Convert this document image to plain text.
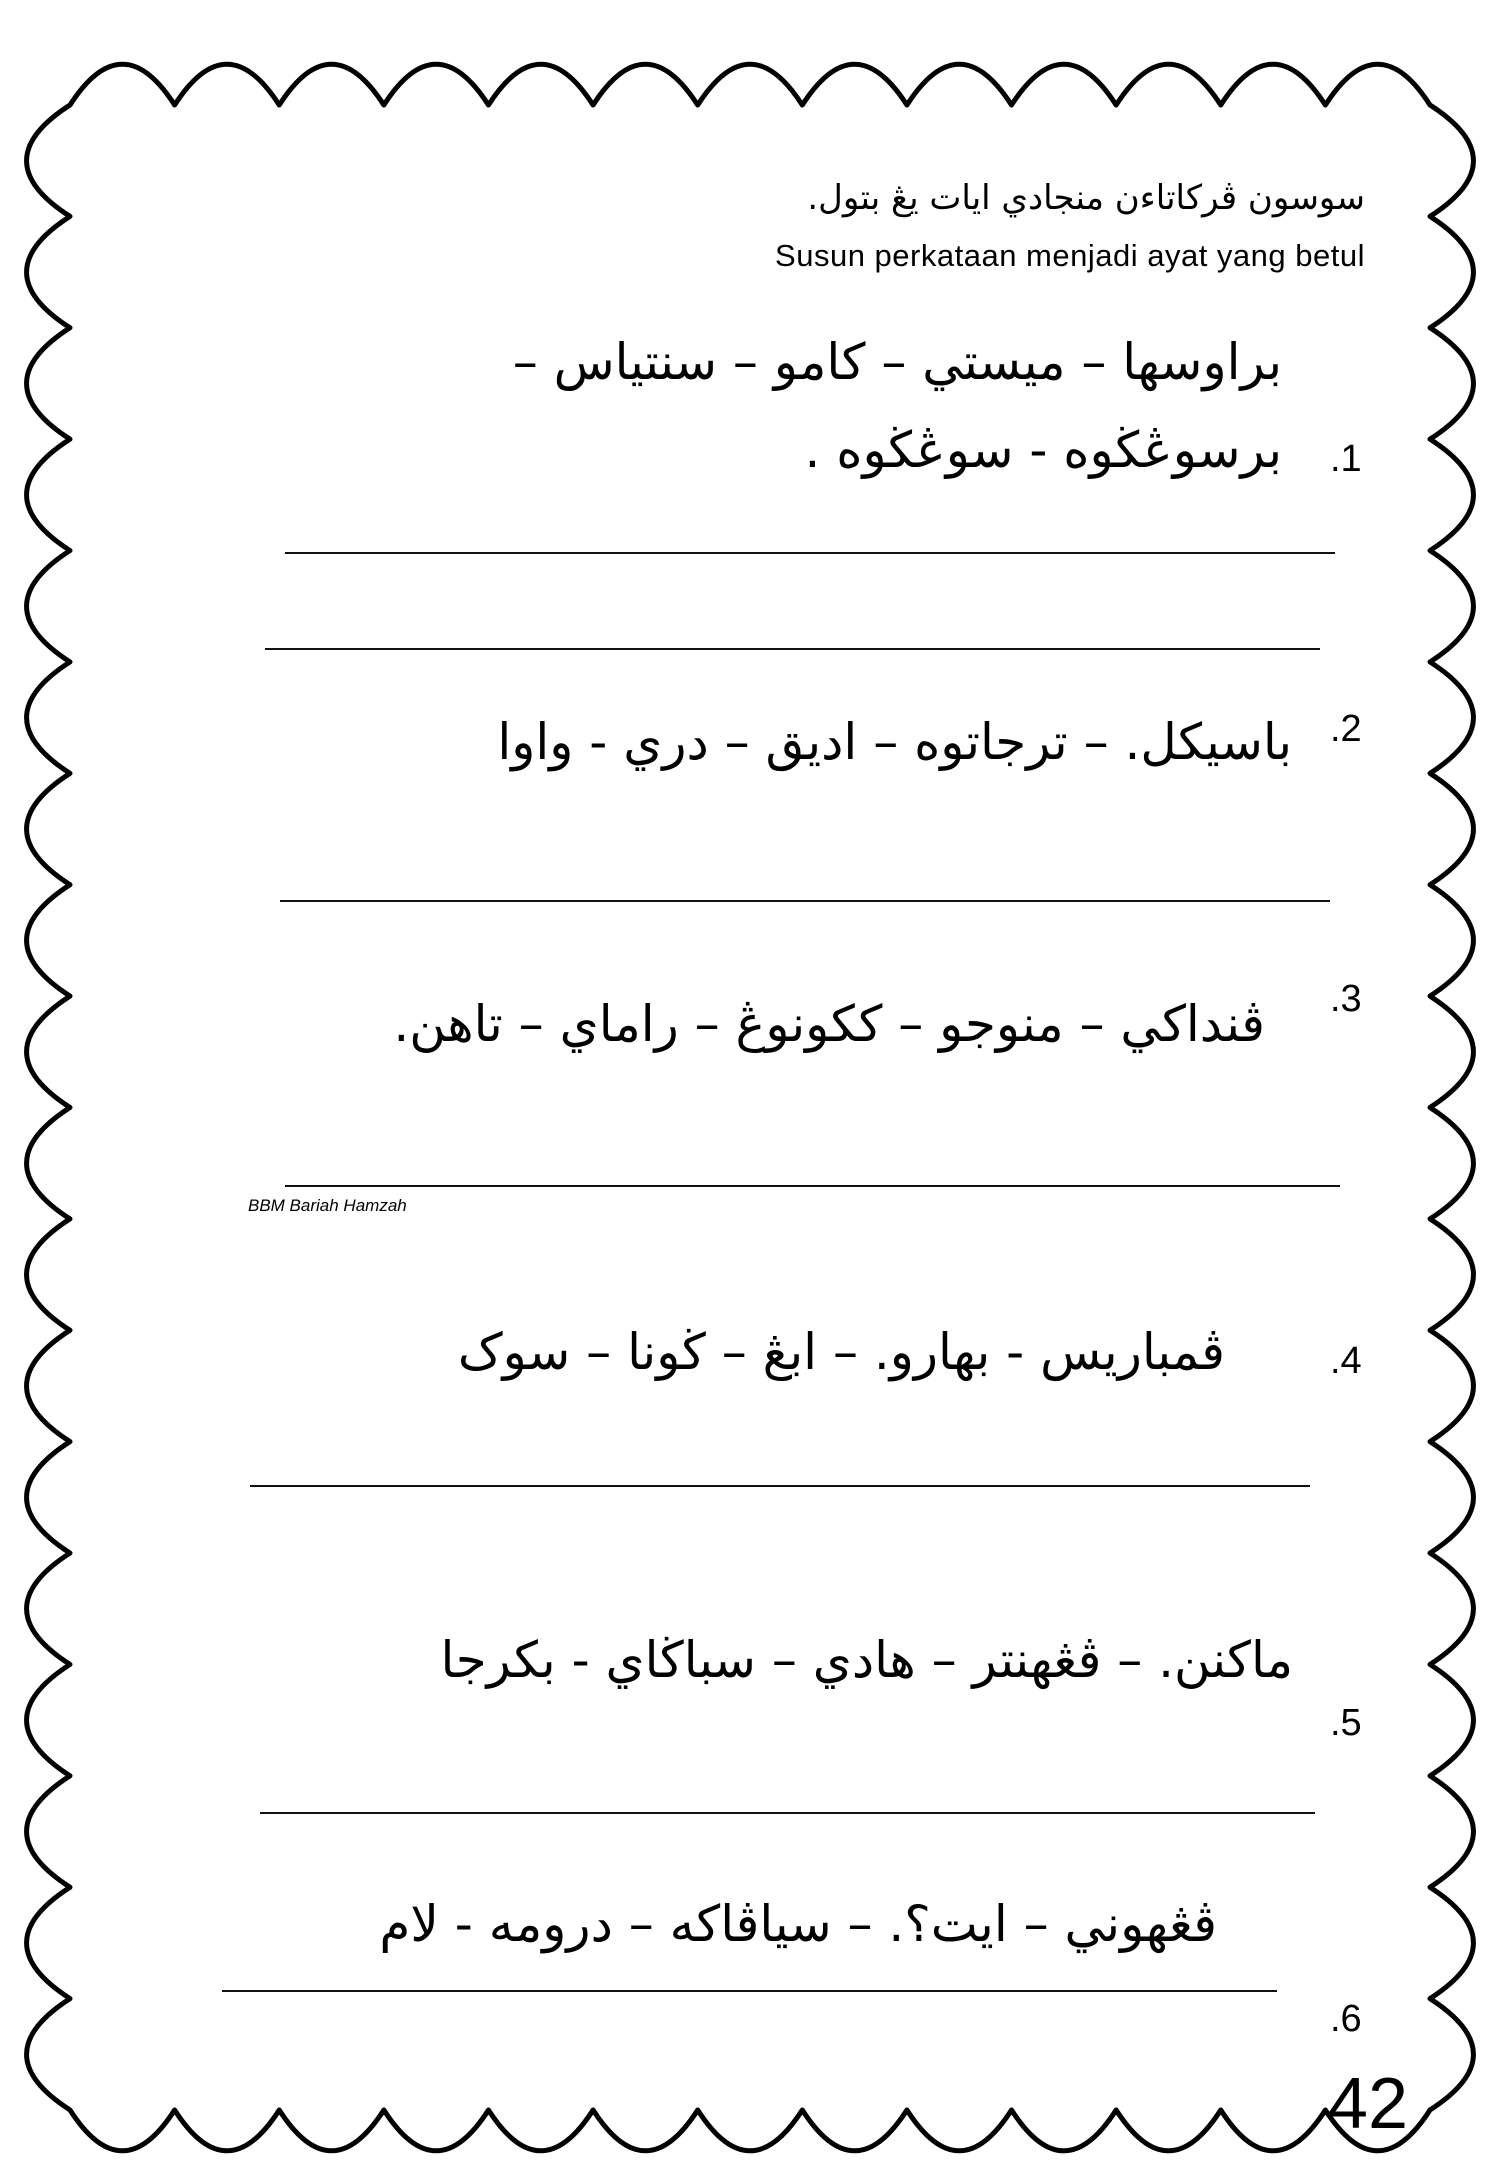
سوسون ڤركاتاءن منجادي ايات يڠ بتول.
Susun perkataan menjadi ayat yang betul
براوسها – ميستي – كامو – سنتياس –
برسوڠڬوه - سوڠڬوه . .1
باسيكل. – ترجاتوه – اديق – دري - واوا .2
ڤنداكي – منوجو – ككونوڠ – راماي – تاهن. .3
BBM Bariah Hamzah
ڤمباريس - بهارو. – ابڠ – ڬونا – سوک	.4
ماكنن. – ڤڠهنتر – هادي – سباڬاي - بكرجا
.5
ڤڠهوني – ايت؟. – سياڤاكه – درومه - لام
.6
42
